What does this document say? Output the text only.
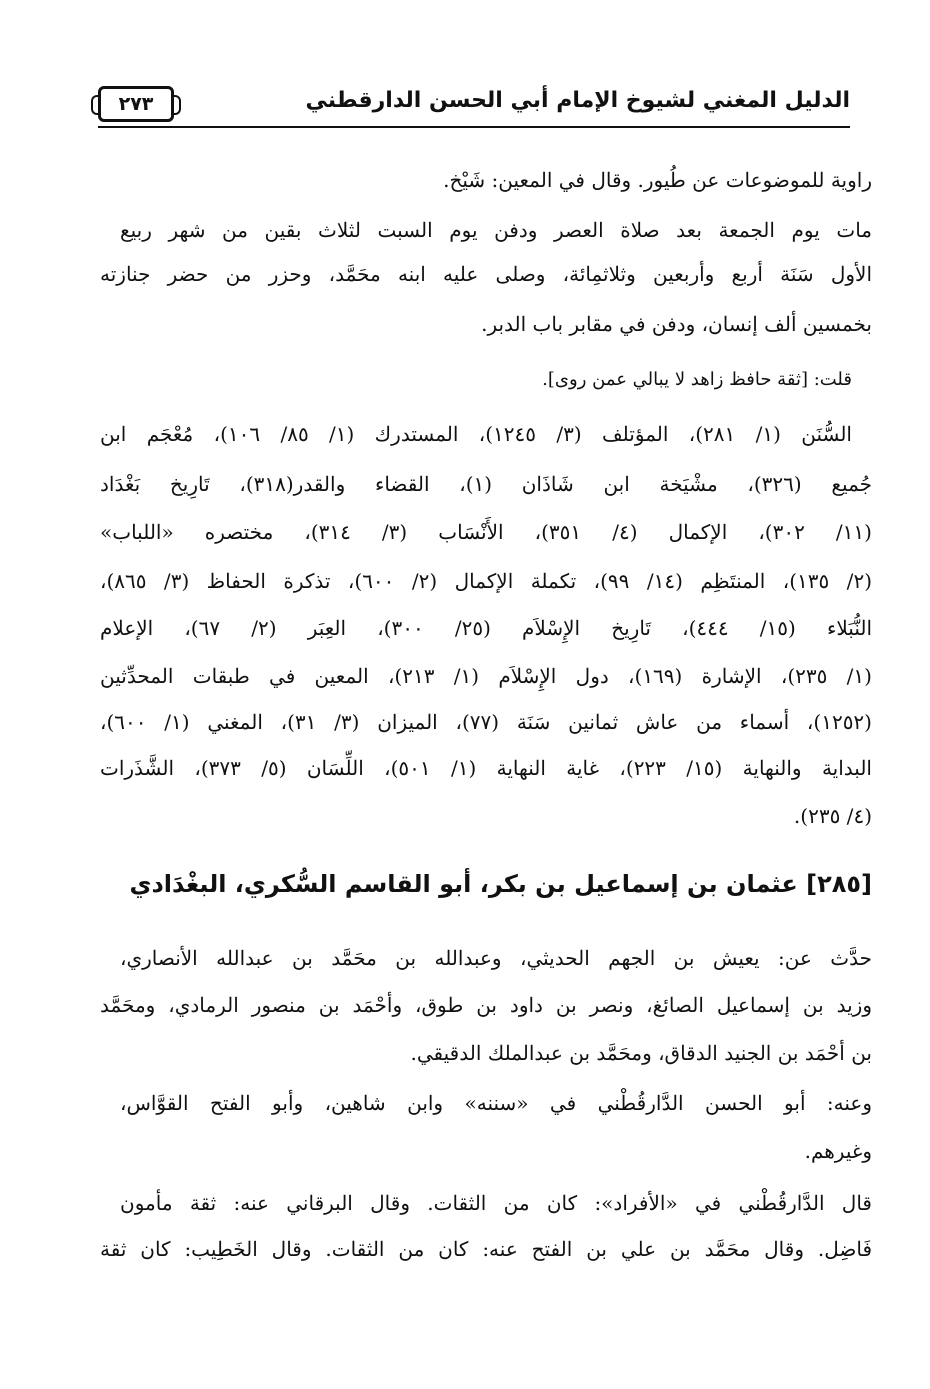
الدليل المغني لشيوخ الإمام أبي الحسن الدارقطني
٢٧٣
راوية للموضوعات عن طُيور. وقال في المعين: شَيْخ.
مات يوم الجمعة بعد صلاة العصر ودفن يوم السبت لثلاث بقين من شهر ربيع
الأول سَنَة أربع وأربعين وثلاثمِائة، وصلى عليه ابنه محَمَّد، وحزر من حضر جنازته
بخمسين ألف إنسان، ودفن في مقابر باب الدبر.
قلت: [ثقة حافظ زاهد لا يبالي عمن روى].
السُّنَن (١/ ٢٨١)، المؤتلف (٣/ ١٢٤٥)، المستدرك (١/ ٨٥/ ١٠٦)، مُعْجَم ابن
جُميع (٣٢٦)، مشْيَخة ابن شَاذَان (١)، القضاء والقدر(٣١٨)، تَارِيخ بَغْدَاد
(١١/ ٣٠٢)، الإكمال (٤/ ٣٥١)، الأَنْسَاب (٣/ ٣١٤)، مختصره «اللباب»
(٢/ ١٣٥)، المنتَظِم (١٤/ ٩٩)، تكملة الإكمال (٢/ ٦٠٠)، تذكرة الحفاظ (٣/ ٨٦٥)،
النُّبَلاء (١٥/ ٤٤٤)، تَارِيخ الإِسْلاَم (٢٥/ ٣٠٠)، العِبَر (٢/ ٦٧)، الإعلام
(١/ ٢٣٥)، الإشارة (١٦٩)، دول الإِسْلاَم (١/ ٢١٣)، المعين في طبقات المحدِّثين
(١٢٥٢)، أسماء من عاش ثمانين سَنَة (٧٧)، الميزان (٣/ ٣١)، المغني (١/ ٦٠٠)،
البداية والنهاية (١٥/ ٢٢٣)، غاية النهاية (١/ ٥٠١)، اللِّسَان (٥/ ٣٧٣)، الشَّذَرات
(٤/ ٢٣٥).
[٢٨٥] عثمان بن إسماعيل بن بكر، أبو القاسم السُّكري، البغْدَادي
حدَّث عن: يعيش بن الجهم الحديثي، وعبدالله بن محَمَّد بن عبدالله الأنصاري،
وزيد بن إسماعيل الصائغ، ونصر بن داود بن طوق، وأحْمَد بن منصور الرمادي، ومحَمَّد
بن أحْمَد بن الجنيد الدقاق، ومحَمَّد بن عبدالملك الدقيقي.
وعنه: أبو الحسن الدَّارقُطْني في «سننه» وابن شاهين، وأبو الفتح القوَّاس،
وغيرهم.
قال الدَّارقُطْني في «الأفراد»: كان من الثقات. وقال البرقاني عنه: ثقة مأمون
فَاضِل. وقال محَمَّد بن علي بن الفتح عنه: كان من الثقات. وقال الخَطِيب: كان ثقة
